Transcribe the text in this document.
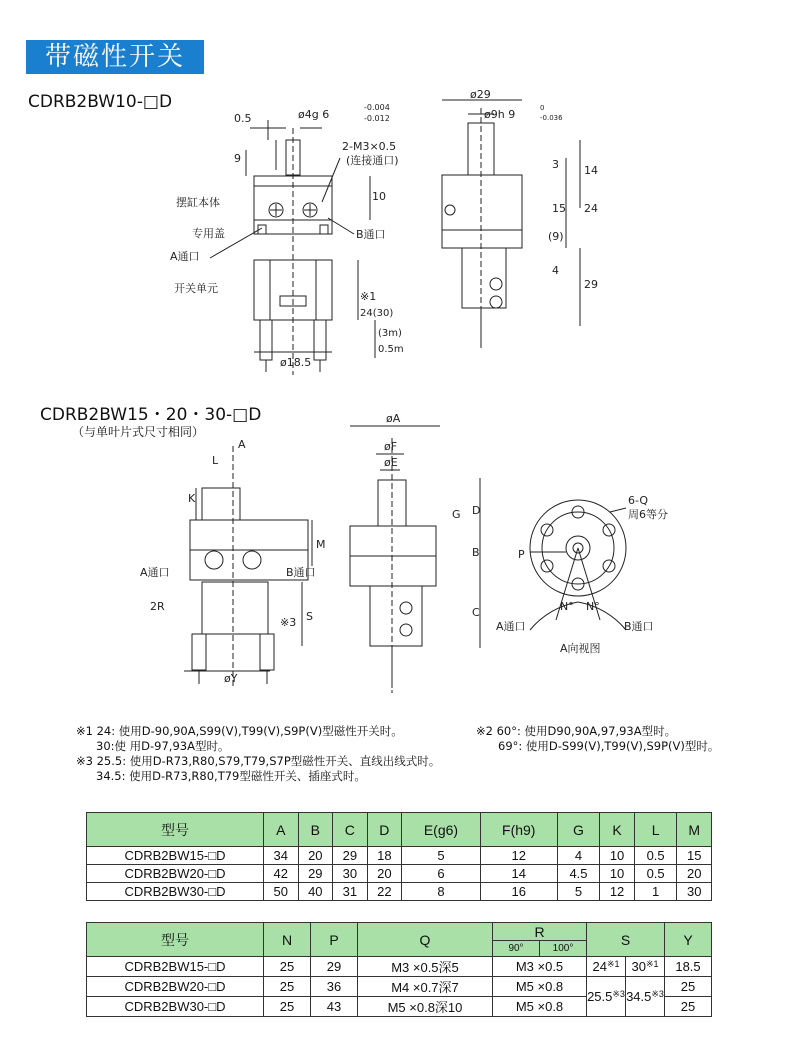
带磁性开关
CDRB2BW10-□D
0.5	ø4g 6
-0.004
-0.012
9
10
2-M3×0.5
(连接通口)
摆缸本体
专用盖
A通口
B通口
开关单元
※1
24(30)
(3m)
0.5m
ø18.5
ø29
ø9h 9	0
-0.036
3 14
15 24
(9)
4
29
CDRB2BW15・20・30-□D
（与单叶片式尺寸相同）
A
L
K
M
A通口	B通口
2R
S
※3
øY
øA
øF
øE
G D
B
C
6-Q
周6等分
P
N° N°
A通口	B通口
A向视图
※1 24: 使用D-90,90A,S99(V),T99(V),S9P(V)型磁性开关时。
30:使 用D-97,93A型时。
※3 25.5: 使用D-R73,R80,S79,T79,S7P型磁性开关、直线出线式时。
34.5: 使用D-R73,R80,T79型磁性开关、插座式时。
※2 60°: 使用D90,90A,97,93A型时。
69°: 使用D-S99(V),T99(V),S9P(V)型时。
型号	A	B	C	D	E(g6)	F(h9)	G	K	L	M
CDRB2BW15-□D	34	20	29	18	5	12	4	10	0.5	15
CDRB2BW20-□D	42	29	30	20	6	14	4.5	10	0.5	20
CDRB2BW30-□D	50	40	31	22	8	16	5	12	1	30
型号	N	P	Q	R		S		Y
				90°	100°			
CDRB2BW15-□D	25	29	M3 ×0.5深5	M3 ×0.5		24$^{※1}$	30$^{※1}$	18.5
CDRB2BW20-□D	25	36	M4 ×0.7深7	M5 ×0.8		25.5$^{※3}$	34.5$^{※3}$	25
CDRB2BW30-□D	25	43	M5 ×0.8深10	M5 ×0.8				25
